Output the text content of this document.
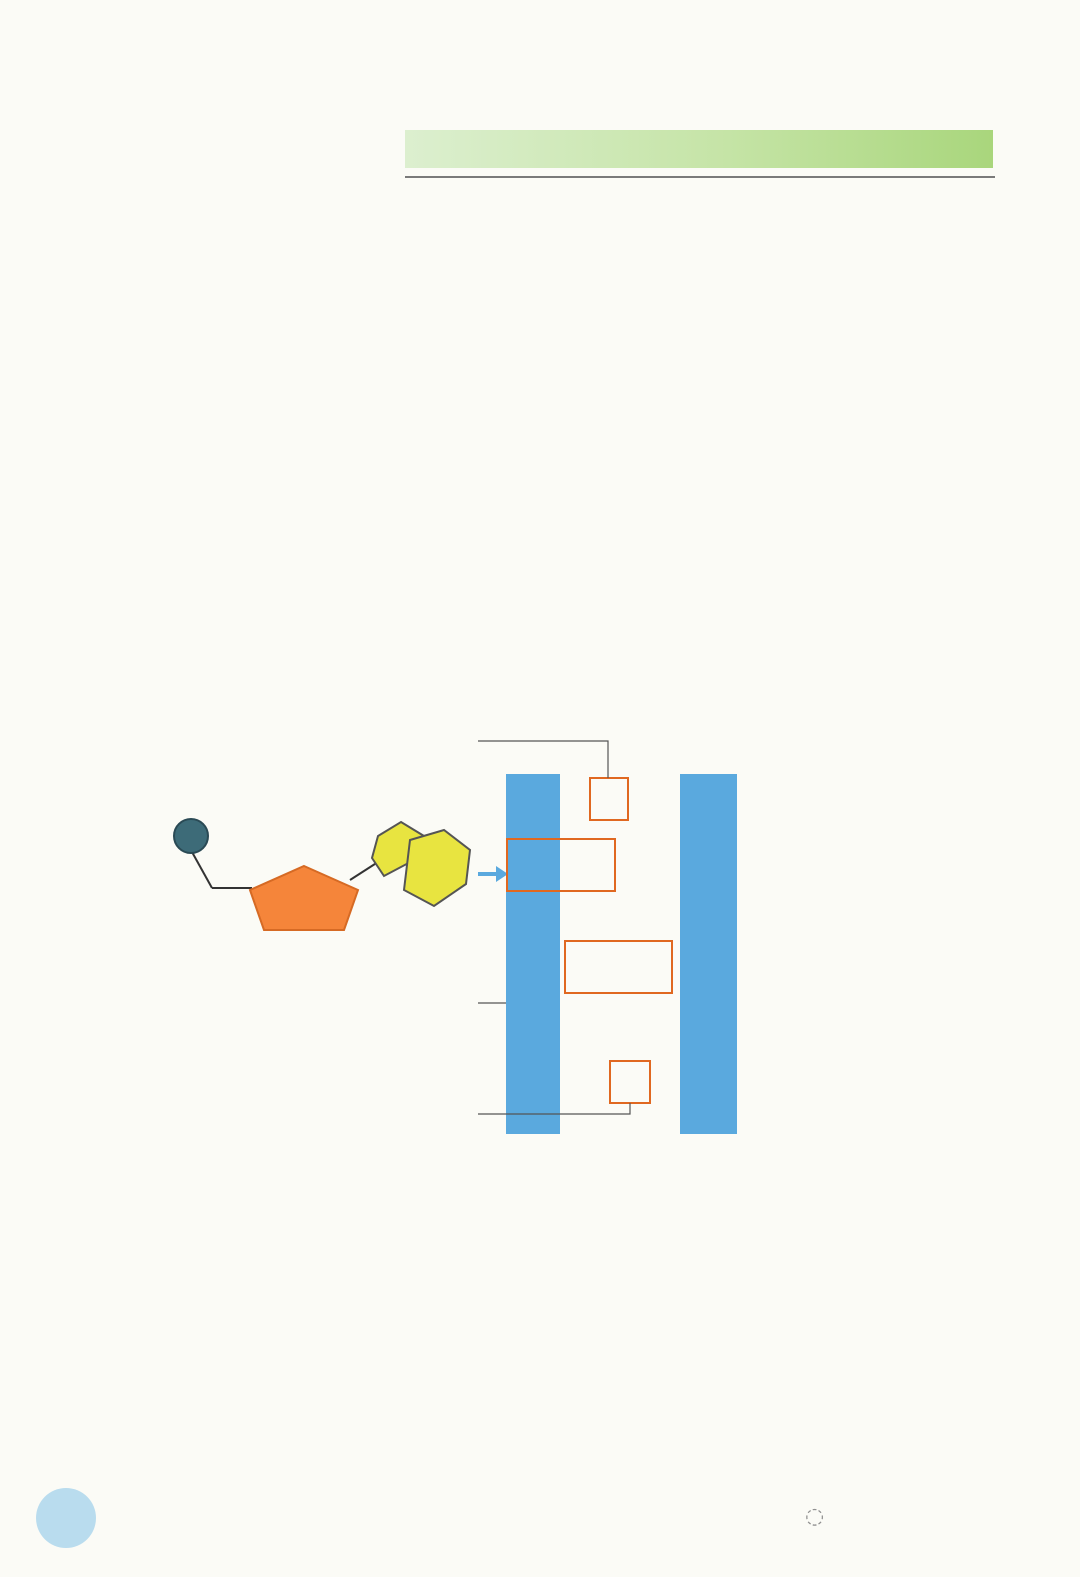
◌
